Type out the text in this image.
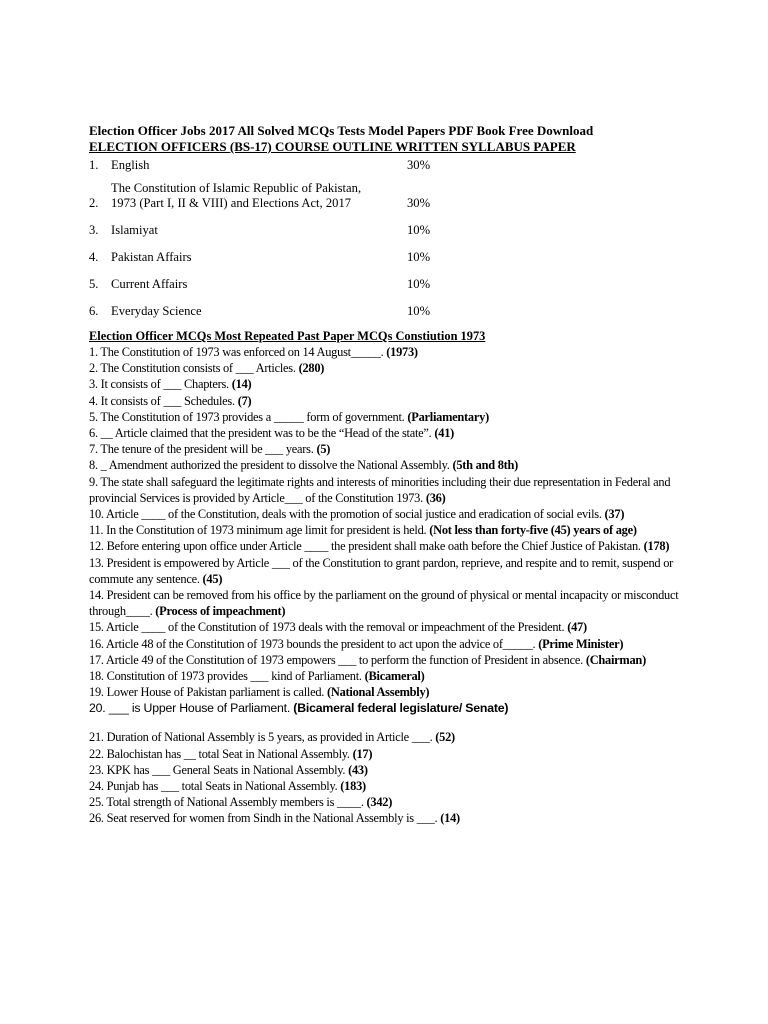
Election Officer Jobs 2017 All Solved MCQs Tests Model Papers PDF Book Free Download
ELECTION OFFICERS (BS-17) COURSE OUTLINE WRITTEN SYLLABUS PAPER
1.	English	30%
2.	The Constitution of Islamic Republic of Pakistan,
1973 (Part I, II & VIII) and Elections Act, 2017	30%
3.	Islamiyat	10%
4.	Pakistan Affairs	10%
5.	Current Affairs	10%
6.	Everyday Science	10%
Election Officer MCQs Most Repeated Past Paper MCQs Constiution 1973
1. The Constitution of 1973 was enforced on 14 August_____. (1973)
2. The Constitution consists of ___ Articles. (280)
3. It consists of ___ Chapters. (14)
4. It consists of ___ Schedules. (7)
5. The Constitution of 1973 provides a _____ form of government. (Parliamentary)
6. __ Article claimed that the president was to be the “Head of the state”. (41)
7. The tenure of the president will be ___ years. (5)
8. _ Amendment authorized the president to dissolve the National Assembly. (5th and 8th)
9. The state shall safeguard the legitimate rights and interests of minorities including their due representation in Federal and provincial Services is provided by Article___ of the Constitution 1973. (36)
10. Article ____ of the Constitution, deals with the promotion of social justice and eradication of social evils. (37)
11. In the Constitution of 1973 minimum age limit for president is held. (Not less than forty-five (45) years of age)
12. Before entering upon office under Article ____ the president shall make oath before the Chief Justice of Pakistan. (178)
13. President is empowered by Article ___ of the Constitution to grant pardon, reprieve, and respite and to remit, suspend or commute any sentence. (45)
14. President can be removed from his office by the parliament on the ground of physical or mental incapacity or misconduct through____. (Process of impeachment)
15. Article ____ of the Constitution of 1973 deals with the removal or impeachment of the President. (47)
16. Article 48 of the Constitution of 1973 bounds the president to act upon the advice of_____. (Prime Minister)
17. Article 49 of the Constitution of 1973 empowers ___ to perform the function of President in absence. (Chairman)
18. Constitution of 1973 provides ___ kind of Parliament. (Bicameral)
19. Lower House of Pakistan parliament is called. (National Assembly)
20. ___ is Upper House of Parliament. (Bicameral federal legislature/ Senate)
21. Duration of National Assembly is 5 years, as provided in Article ___. (52)
22. Balochistan has __ total Seat in National Assembly. (17)
23. KPK has ___ General Seats in National Assembly. (43)
24. Punjab has ___ total Seats in National Assembly. (183)
25. Total strength of National Assembly members is ____. (342)
26. Seat reserved for women from Sindh in the National Assembly is ___. (14)
